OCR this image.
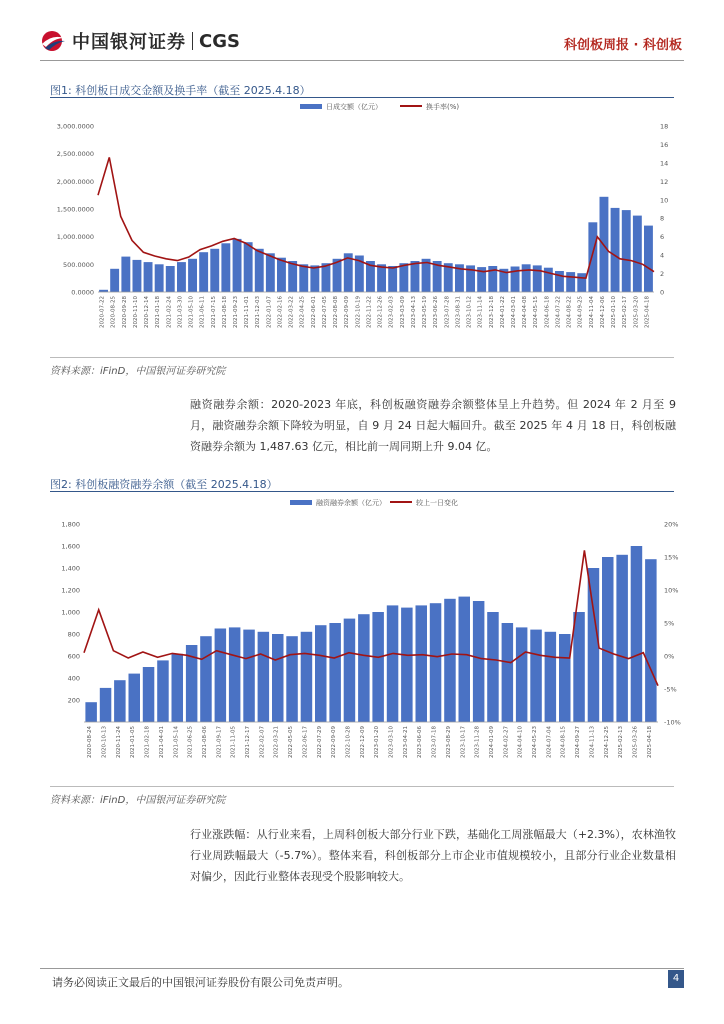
中国银河证券 CGS	科创板周报 · 科创板
图1: 科创板日成交金额及换手率（截至 2025.4.18）
日成交额（亿元）	换手率(%)
3,000.0000
2,500.0000
2,000.0000
1,500.0000
1,000.0000
500.0000
0.0000
18
16
14
12
10
8
6
4
2
0
2020-07-22 2020-08-25 2020-09-28 2020-11-10 2020-12-14 2021-01-18 2021-02-24 2021-03-30 2021-05-10 2021-06-11 2021-07-15 2021-08-18 2021-09-23 2021-11-01 2021-12-03 2022-01-07 2022-02-16 2022-03-22 2022-04-25 2022-06-01 2022-07-05 2022-08-08 2022-09-09 2022-10-19 2022-11-22 2022-12-26 2023-02-03 2023-03-09 2023-04-13 2023-05-19 2023-06-26 2023-07-28 2023-08-31 2023-10-12 2023-11-14 2023-12-18 2024-01-22 2024-03-01 2024-04-08 2024-05-15 2024-06-18 2024-07-22 2024-08-22 2024-09-25 2024-11-04 2024-12-06 2025-01-10 2025-02-17 2025-03-20 2025-04-18
资料来源：iFinD，中国银河证券研究院
融资融券余额：2020-2023 年底，科创板融资融券余额整体呈上升趋势。但 2024 年 2 月至 9 月，融资融券余额下降较为明显，自 9 月 24 日起大幅回升。截至 2025 年 4 月 18 日，科创板融资融券余额为 1,487.63 亿元，相比前一周同期上升 9.04 亿。
图2: 科创板融资融券余额（截至 2025.4.18）
融资融券余额（亿元）	较上一日变化
1,800
1,600
1,400
1,200
1,000
800
600
400
200
20%
15%
10%
5%
0%
-5%
-10%
2020-08-24 2020-10-13 2020-11-24 2021-01-05 2021-02-18 2021-04-01 2021-05-14 2021-06-25 2021-08-06 2021-09-17 2021-11-05 2021-12-17 2022-02-07 2022-03-21 2022-05-05 2022-06-17 2022-07-29 2022-09-09 2022-10-28 2022-12-09 2023-01-20 2023-03-10 2023-04-21 2023-06-06 2023-07-18 2023-08-29 2023-10-17 2023-11-28 2024-01-09 2024-02-27 2024-04-10 2024-05-23 2024-07-04 2024-08-15 2024-09-27 2024-11-13 2024-12-25 2025-02-13 2025-03-26 2025-04-18
资料来源：iFinD，中国银河证券研究院
行业涨跌幅：从行业来看，上周科创板大部分行业下跌，基础化工周涨幅最大（+2.3%），农林渔牧行业周跌幅最大（-5.7%）。整体来看，科创板部分上市企业市值规模较小，且部分行业企业数量相对偏少，因此行业整体表现受个股影响较大。
请务必阅读正文最后的中国银河证券股份有限公司免责声明。	4
